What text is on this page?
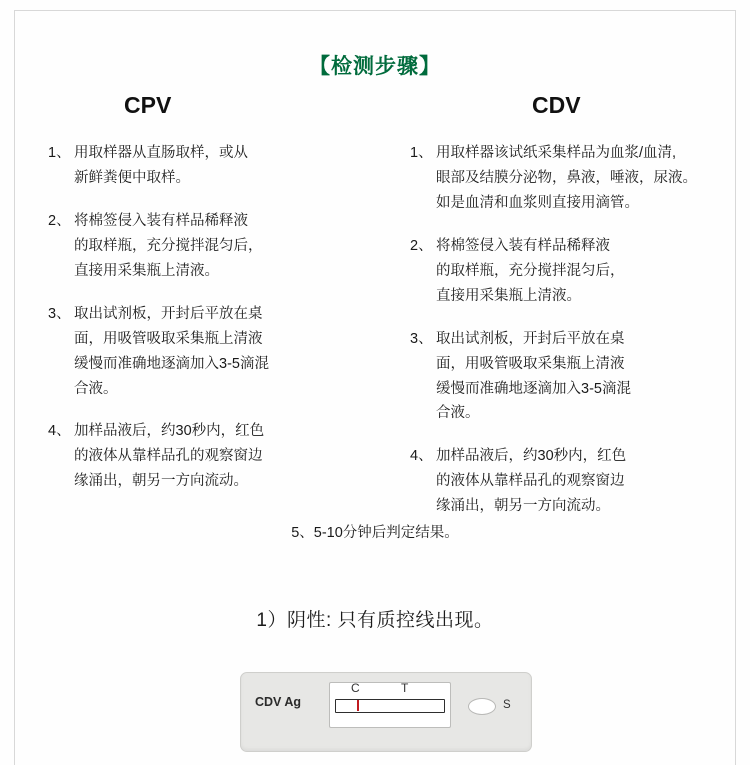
【检测步骤】
CPV
1、 用取样器从直肠取样，或从
新鲜粪便中取样。
2、 将棉签侵入装有样品稀释液
的取样瓶，充分搅拌混匀后，
直接用采集瓶上清液。
3、 取出试剂板，开封后平放在桌
面，用吸管吸取采集瓶上清液
缓慢而准确地逐滴加入3-5滴混
合液。
4、 加样品液后，约30秒内，红色
的液体从靠样品孔的观察窗边
缘涌出，朝另一方向流动。
CDV
1、 用取样器该试纸采集样品为血浆/血清,
眼部及结膜分泌物，鼻液，唾液，尿液。
如是血清和血浆则直接用滴管。
2、 将棉签侵入装有样品稀释液
的取样瓶，充分搅拌混匀后，
直接用采集瓶上清液。
3、 取出试剂板，开封后平放在桌
面，用吸管吸取采集瓶上清液
缓慢而准确地逐滴加入3-5滴混
合液。
4、 加样品液后，约30秒内，红色
的液体从靠样品孔的观察窗边
缘涌出，朝另一方向流动。
5、5-10分钟后判定结果。
1）阴性: 只有质控线出现。
CDV Ag
C	T
S
